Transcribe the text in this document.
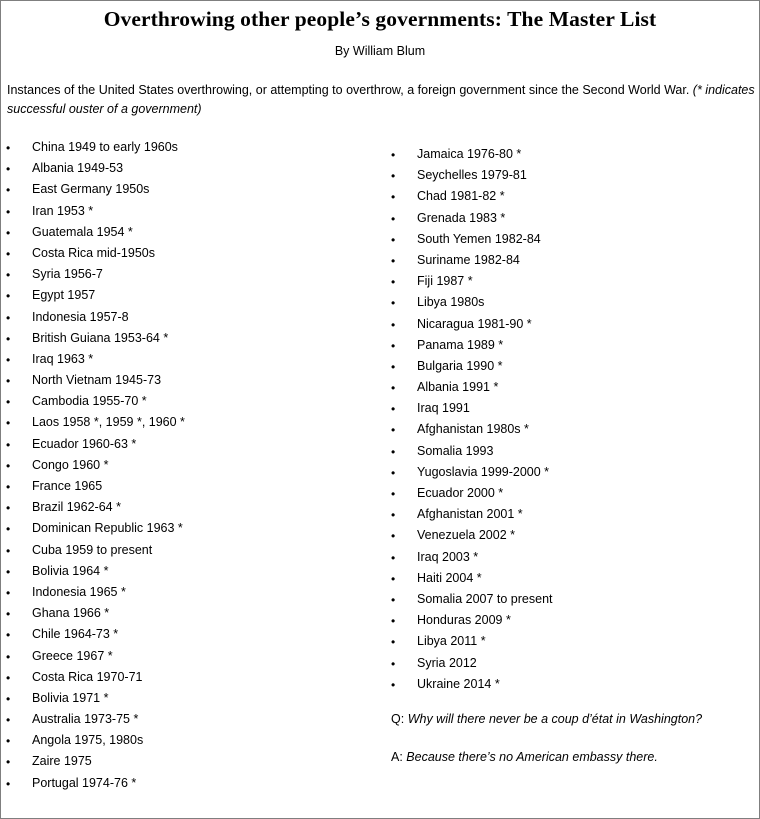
Overthrowing other people’s governments: The Master List
By William Blum
Instances of the United States overthrowing, or attempting to overthrow, a foreign government since the Second World War. (* indicates successful ouster of a government)
• China 1949 to early 1960s
• Albania 1949-53
• East Germany 1950s
• Iran 1953 *
• Guatemala 1954 *
• Costa Rica mid-1950s
• Syria 1956-7
• Egypt 1957
• Indonesia 1957-8
• British Guiana 1953-64 *
• Iraq 1963 *
• North Vietnam 1945-73
• Cambodia 1955-70 *
• Laos 1958 *, 1959 *, 1960 *
• Ecuador 1960-63 *
• Congo 1960 *
• France 1965
• Brazil 1962-64 *
• Dominican Republic 1963 *
• Cuba 1959 to present
• Bolivia 1964 *
• Indonesia 1965 *
• Ghana 1966 *
• Chile 1964-73 *
• Greece 1967 *
• Costa Rica 1970-71
• Bolivia 1971 *
• Australia 1973-75 *
• Angola 1975, 1980s
• Zaire 1975
• Portugal 1974-76 *
• Jamaica 1976-80 *
• Seychelles 1979-81
• Chad 1981-82 *
• Grenada 1983 *
• South Yemen 1982-84
• Suriname 1982-84
• Fiji 1987 *
• Libya 1980s
• Nicaragua 1981-90 *
• Panama 1989 *
• Bulgaria 1990 *
• Albania 1991 *
• Iraq 1991
• Afghanistan 1980s *
• Somalia 1993
• Yugoslavia 1999-2000 *
• Ecuador 2000 *
• Afghanistan 2001 *
• Venezuela 2002 *
• Iraq 2003 *
• Haiti 2004 *
• Somalia 2007 to present
• Honduras 2009 *
• Libya 2011 *
• Syria 2012
• Ukraine 2014 *
Q: Why will there never be a coup d’état in Washington?
A: Because there’s no American embassy there.
